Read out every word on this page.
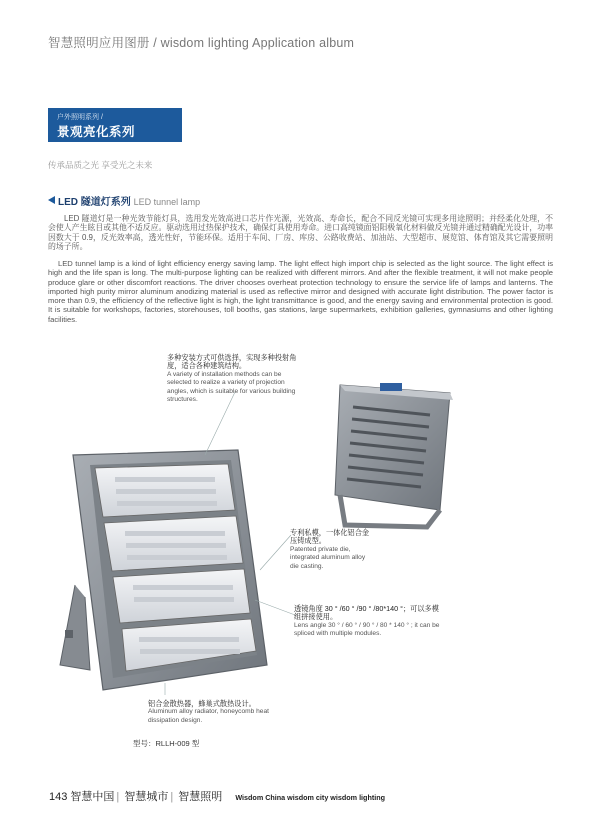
智慧照明应用图册 / wisdom lighting Application album
户外照明系列 /
景观亮化系列
传承品质之光 享受光之未来
LED 隧道灯系列 LED tunnel lamp
LED 隧道灯是一种光效节能灯具，选用发光效高进口芯片作光源，光效高、寿命长，配合不同反光镜可实现多用途照明；并经柔化处理，不会使人产生眩目或其他不适反应。驱动选用过热保护技术，确保灯具使用寿命。进口高纯镜面铝阳极氧化材料做反光镜并通过精确配光设计，功率因数大于 0.9，反光效率高，透光性好，节能环保。适用于车间、厂房、库房、公路收费站、加油站、大型超市、展览馆、体育馆及其它需要照明的场子所。
LED tunnel lamp is a kind of light efficiency energy saving lamp. The light effect high import chip is selected as the light source. The light effect is high and the life span is long. The multi-purpose lighting can be realized with different mirrors. And after the flexible treatment, it will not make people produce glare or other discomfort reactions. The driver chooses overheat protection technology to ensure the service life of lamps and lanterns. The imported high purity mirror aluminum anodizing material is used as reflective mirror and designed with accurate light distribution. The power factor is more than 0.9, the efficiency of the reflective light is high, the light transmittance is good, and the energy saving and environmental protection is good. It is suitable for workshops, factories, storehouses, toll booths, gas stations, large supermarkets, exhibition galleries, gymnasiums and other lighting facilities.
多种安装方式可供选择，实现多种投射角度，适合各种建筑结构。
A variety of installation methods can be selected to realize a variety of projection angles, which is suitable for various building structures.
专利私模，一体化铝合金压铸成型。
Patented private die, integrated aluminum alloy die casting.
透镜角度 30 ° /60 ° /90 ° /80*140 °；可以多模组拼接使用。
Lens angle 30 ° / 60 ° / 90 ° / 80 * 140 ° ; it can be spliced with multiple modules.
铝合金散热器，蜂巢式散热设计。
Aluminum alloy radiator, honeycomb heat dissipation design.
型号：RLLH-009 型
143 智慧中国 | 智慧城市 | 智慧照明 Wisdom China wisdom city wisdom lighting
